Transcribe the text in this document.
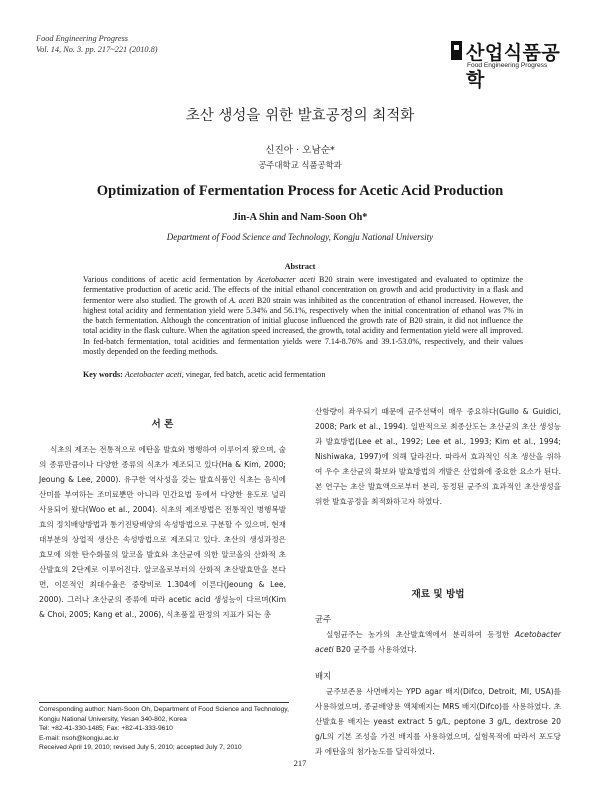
Food Engineering Progress
Vol. 14, No. 3. pp. 217~221 (2010.8)	산업식품공학
Food Engineering Progress
초산 생성을 위한 발효공정의 최적화
신진아 · 오남순*
공주대학교 식품공학과
Optimization of Fermentation Process for Acetic Acid Production
Jin-A Shin and Nam-Soon Oh*
Department of Food Science and Technology, Kongju National University
Abstract

Various conditions of acetic acid fermentation by Acetobacter aceti B20 strain were investigated and evaluated to optimize the fermentative production of acetic acid. The effects of the initial ethanol concentration on growth and acid productivity in a flask and fermentor were also studied. The growth of A. aceti B20 strain was inhibited as the concentration of ethanol increased. However, the highest total acidity and fermentation yield were 5.34% and 56.1%, respectively when the initial concentration of ethanol was 7% in the batch fermentation. Although the concentration of initial glucose influenced the growth rate of B20 strain, it did not influence the total acidity in the flask culture. When the agitation speed increased, the growth, total acidity and fermentation yield were all improved. In fed-batch fermentation, total acidities and fermentation yields were 7.14-8.76% and 39.1-53.0%, respectively, and their values mostly depended on the feeding methods.

Key words: Acetobacter aceti, vinegar, fed batch, acetic acid fermentation

서 론

식초의 제조는 전통적으로 에탄올 발효와 병행하여 이루어져 왔으며, 술의 종류만큼이나 다양한 종류의 식초가 제조되고 있다(Ha & Kim, 2000; Jeoung & Lee, 2000). 유구한 역사성을 갖는 발효식품인 식초는 음식에 산미를 부여하는 조미료뿐만 아니라 민간요법 등에서 다양한 용도로 널리 사용되어 왔다(Woo et al., 2004). 식초의 제조방법은 전통적인 병행복발효의 정치배양방법과 통기진탕배양의 속성방법으로 구분할 수 있으며, 현재 대부분의 상업적 생산은 속성방법으로 제조되고 있다. 초산의 생성과정은 효모에 의한 탄수화물의 알코올 발효와 초산균에 의한 알코올의 산화적 초산발효의 2단계로 이루어진다. 알코올로부터의 산화적 초산발효만을 본다면, 이론적인 최대수율은 중량비로 1.304에 이른다(Jeoung & Lee, 2000). 그러나 초산균의 종류에 따라 acetic acid 생성능이 다르며(Kim & Choi, 2005; Kang et al., 2006), 식초품질 판정의 지표가 되는 총

산함량이 좌우되기 때문에 균주선택이 매우 중요하다(Gullo & Guidici, 2008; Park et al., 1994). 일반적으로 최종산도는 초산균의 초산 생성능과 발효방법(Lee et al., 1992; Lee et al., 1993; Kim et al., 1994; Nishiwaka, 1997)에 의해 달라진다. 따라서 효과적인 식초 생산을 위하여 우수 초산균의 확보와 발효방법의 개발은 산업화에 중요한 요소가 된다. 본 연구는 초산 발효액으로부터 분리, 동정된 균주의 효과적인 초산생성을 위한 발효공정을 최적화하고자 하였다.

재료 및 방법
균주

실험균주는 농가의 초산발효액에서 분리하여 동정한 Acetobacter aceti B20 균주를 사용하였다.

배지

균주보존용 사면배지는 YPD agar 배지(Difco, Detroit, MI, USA)를 사용하였으며, 종균배양용 액체배지는 MRS 배지(Difco)를 사용하였다. 초산발효용 배지는 yeast extract 5 g/L, peptone 3 g/L, dextrose 20 g/L의 기본 조성을 가진 배지를 사용하였으며, 실험목적에 따라서 포도당과 에탄올의 첨가농도를 달리하였다.

Corresponding author: Nam-Soon Oh, Department of Food Science and Technology, Kongju National University, Yesan 340-802, Korea
Tel: +82-41-330-1485; Fax: +82-41-333-9610
E-mail: nsoh@kongju.ac.kr
Received April 19, 2010; revised July 5, 2010; accepted July 7, 2010
217
